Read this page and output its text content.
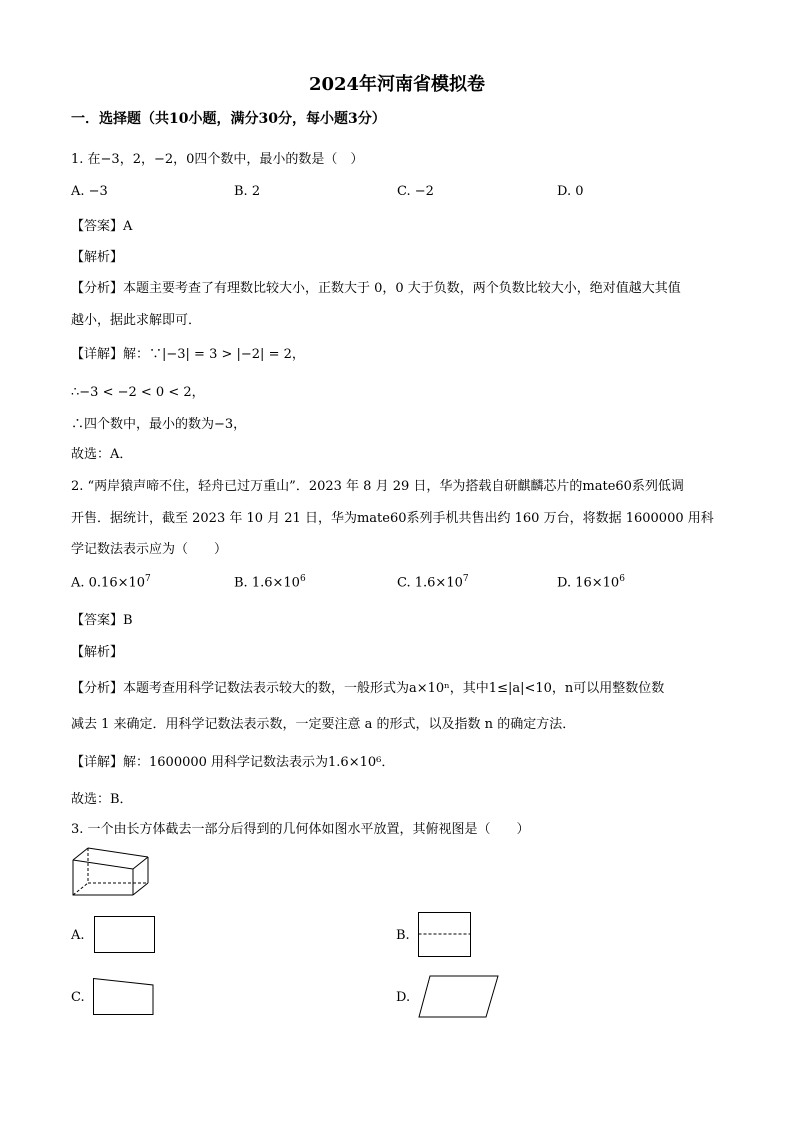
2024年河南省模拟卷
一．选择题（共10小题，满分30分，每小题3分）
1. 在−3，2，−2，0四个数中，最小的数是（　）
A. −3	B. 2	C. −2	D. 0
【答案】A
【解析】
【分析】本题主要考查了有理数比较大小，正数大于 0，0 大于负数，两个负数比较大小，绝对值越大其值
越小，据此求解即可．
【详解】解：∵|−3| = 3 > |−2| = 2，
∴−3 < −2 < 0 < 2，
∴四个数中，最小的数为−3，
故选：A．
2. “两岸猿声啼不住，轻舟已过万重山”．2023 年 8 月 29 日，华为搭载自研麒麟芯片的mate60系列低调
开售．据统计，截至 2023 年 10 月 21 日，华为mate60系列手机共售出约 160 万台，将数据 1600000 用科
学记数法表示应为（　　）
A. $0.16\times 10^7$	B. $1.6\times 10^6$	C. $1.6\times 10^7$	D. $16\times 10^6$
【答案】B
【解析】
【分析】本题考查用科学记数法表示较大的数，一般形式为a×10ⁿ，其中1≤|a|<10，n可以用整数位数
减去 1 来确定．用科学记数法表示数，一定要注意 a 的形式，以及指数 n 的确定方法．
【详解】解：1600000 用科学记数法表示为1.6×10⁶．
故选：B．
3. 一个由长方体截去一部分后得到的几何体如图水平放置，其俯视图是（　　）
A.	B.
C.	D.
